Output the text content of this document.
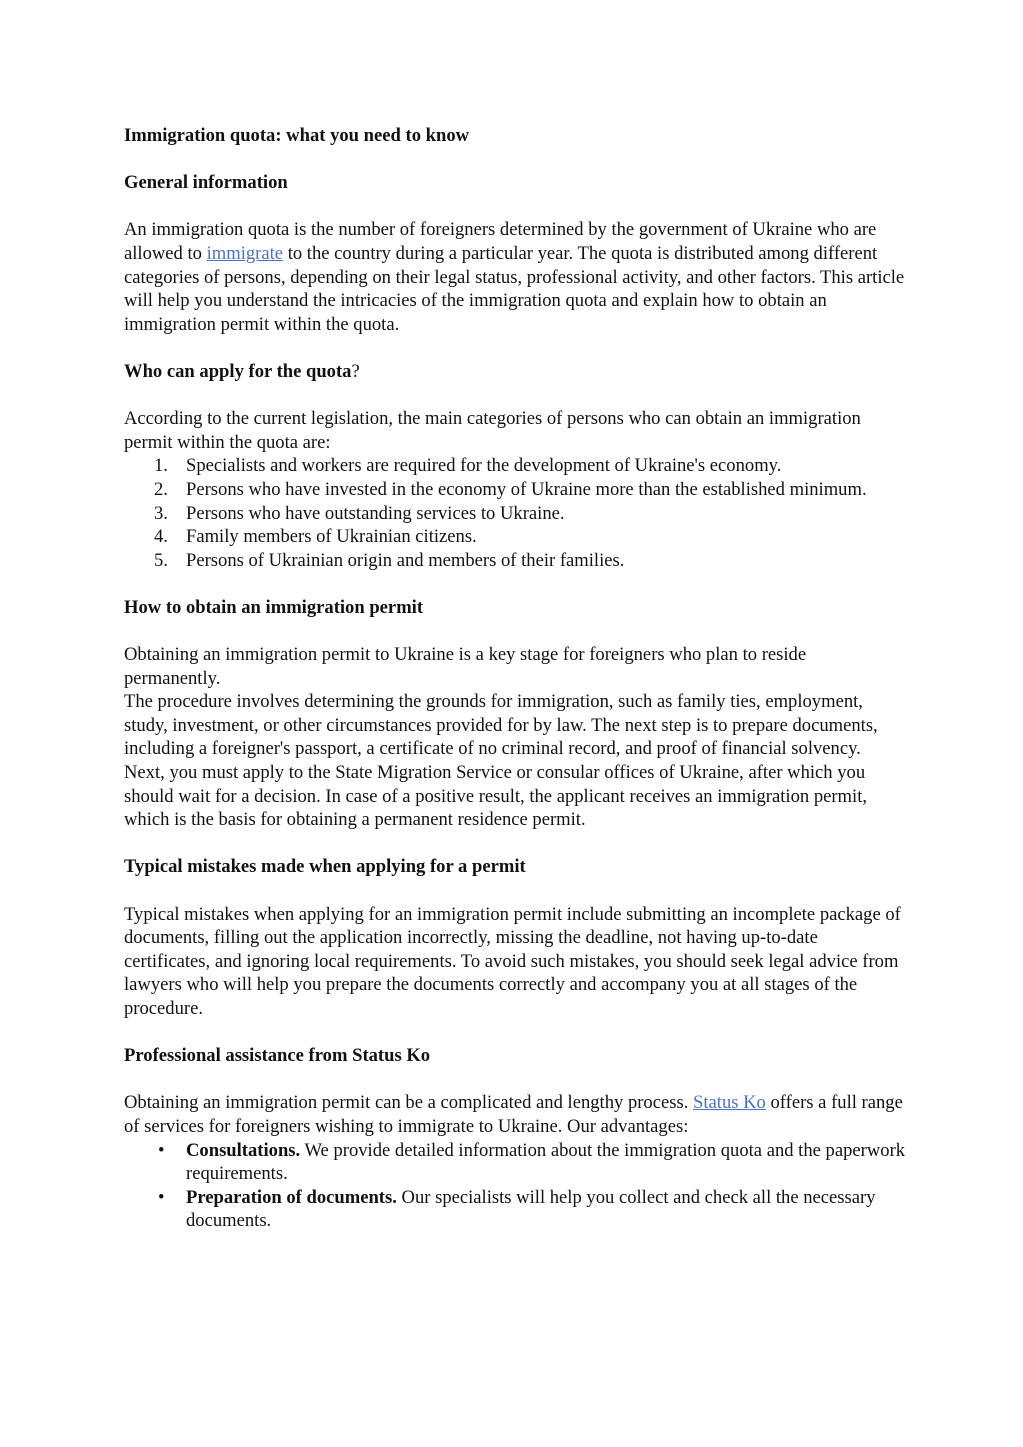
Immigration quota: what you need to know
General information
An immigration quota is the number of foreigners determined by the government of Ukraine who are allowed to immigrate to the country during a particular year. The quota is distributed among different categories of persons, depending on their legal status, professional activity, and other factors. This article will help you understand the intricacies of the immigration quota and explain how to obtain an immigration permit within the quota.
Who can apply for the quota?
According to the current legislation, the main categories of persons who can obtain an immigration permit within the quota are:
1. Specialists and workers are required for the development of Ukraine's economy.
2. Persons who have invested in the economy of Ukraine more than the established minimum.
3. Persons who have outstanding services to Ukraine.
4. Family members of Ukrainian citizens.
5. Persons of Ukrainian origin and members of their families.
How to obtain an immigration permit
Obtaining an immigration permit to Ukraine is a key stage for foreigners who plan to reside permanently.
The procedure involves determining the grounds for immigration, such as family ties, employment, study, investment, or other circumstances provided for by law. The next step is to prepare documents, including a foreigner's passport, a certificate of no criminal record, and proof of financial solvency. Next, you must apply to the State Migration Service or consular offices of Ukraine, after which you should wait for a decision. In case of a positive result, the applicant receives an immigration permit, which is the basis for obtaining a permanent residence permit.
Typical mistakes made when applying for a permit
Typical mistakes when applying for an immigration permit include submitting an incomplete package of documents, filling out the application incorrectly, missing the deadline, not having up-to-date certificates, and ignoring local requirements. To avoid such mistakes, you should seek legal advice from lawyers who will help you prepare the documents correctly and accompany you at all stages of the procedure.
Professional assistance from Status Ko
Obtaining an immigration permit can be a complicated and lengthy process. Status Ko offers a full range of services for foreigners wishing to immigrate to Ukraine. Our advantages:
• Consultations. We provide detailed information about the immigration quota and the paperwork requirements.
• Preparation of documents. Our specialists will help you collect and check all the necessary documents.
